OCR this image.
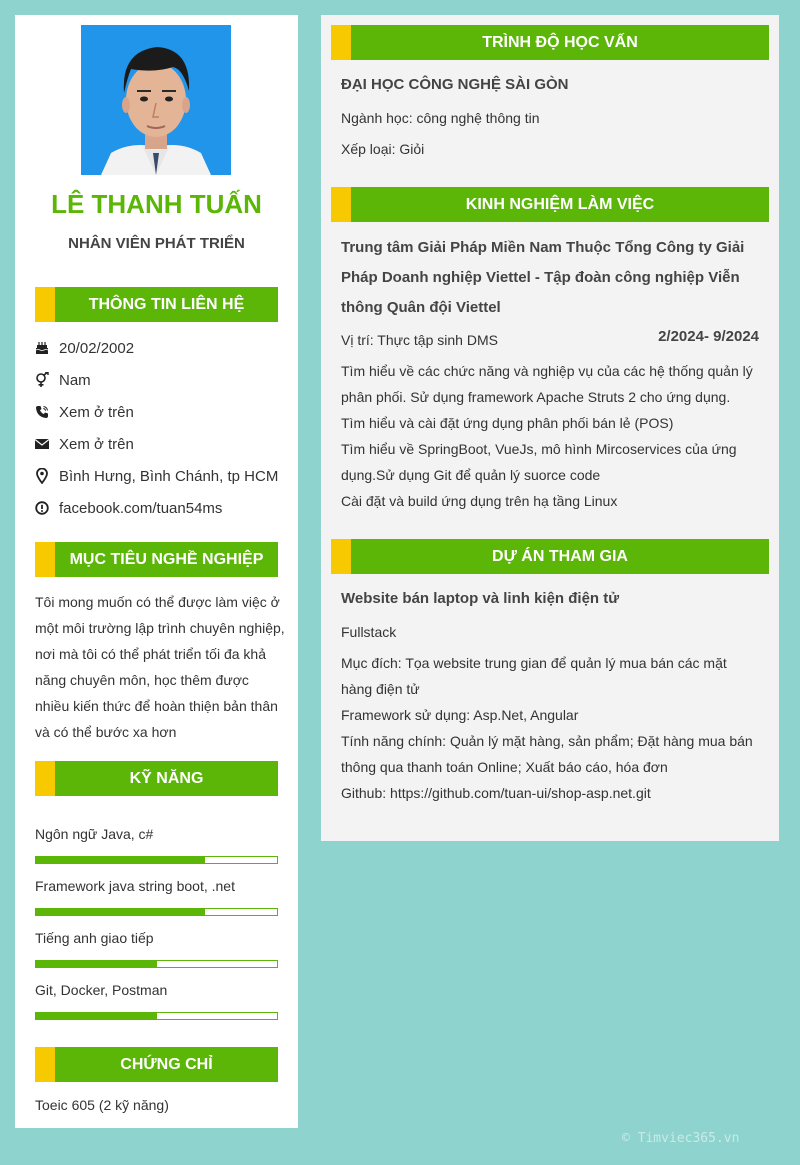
LÊ THANH TUẤN
NHÂN VIÊN PHÁT TRIỂN
THÔNG TIN LIÊN HỆ
20/02/2002
Nam
Xem ở trên
Xem ở trên
Bình Hưng, Bình Chánh, tp HCM
facebook.com/tuan54ms
MỤC TIÊU NGHỀ NGHIỆP
Tôi mong muốn có thể được làm việc ở một môi trường lập trình chuyên nghiệp, nơi mà tôi có thể phát triển tối đa khả năng chuyên môn, học thêm được nhiều kiến thức để hoàn thiện bản thân và có thể bước xa hơn
KỸ NĂNG
Ngôn ngữ Java, c#
Framework java string boot, .net
Tiếng anh giao tiếp
Git, Docker, Postman
CHỨNG CHỈ
Toeic 605 (2 kỹ năng)
TRÌNH ĐỘ HỌC VẤN
ĐẠI HỌC CÔNG NGHỆ SÀI GÒN
Ngành học: công nghệ thông tin
Xếp loại: Giỏi
KINH NGHIỆM LÀM VIỆC
Trung tâm Giải Pháp Miền Nam Thuộc Tổng Công ty Giải Pháp Doanh nghiệp Viettel - Tập đoàn công nghiệp Viễn thông Quân đội Viettel
Vị trí: Thực tập sinh DMS	2/2024- 9/2024
Tìm hiểu về các chức năng và nghiệp vụ của các hệ thống quản lý phân phối. Sử dụng framework Apache Struts 2 cho ứng dụng.
Tìm hiểu và cài đặt ứng dụng phân phối bán lẻ (POS)
Tìm hiểu về SpringBoot, VueJs, mô hình Mircoservices của ứng dụng.Sử dụng Git để quản lý suorce code
Cài đặt và build ứng dụng trên hạ tầng Linux
DỰ ÁN THAM GIA
Website bán laptop và linh kiện điện tử
Fullstack
Mục đích: Tọa website trung gian để quản lý mua bán các mặt hàng điện tử
Framework sử dụng: Asp.Net, Angular
Tính năng chính: Quản lý mặt hàng, sản phẩm; Đặt hàng mua bán thông qua thanh toán Online; Xuất báo cáo, hóa đơn
Github: https://github.com/tuan-ui/shop-asp.net.git
© Timviec365.vn
